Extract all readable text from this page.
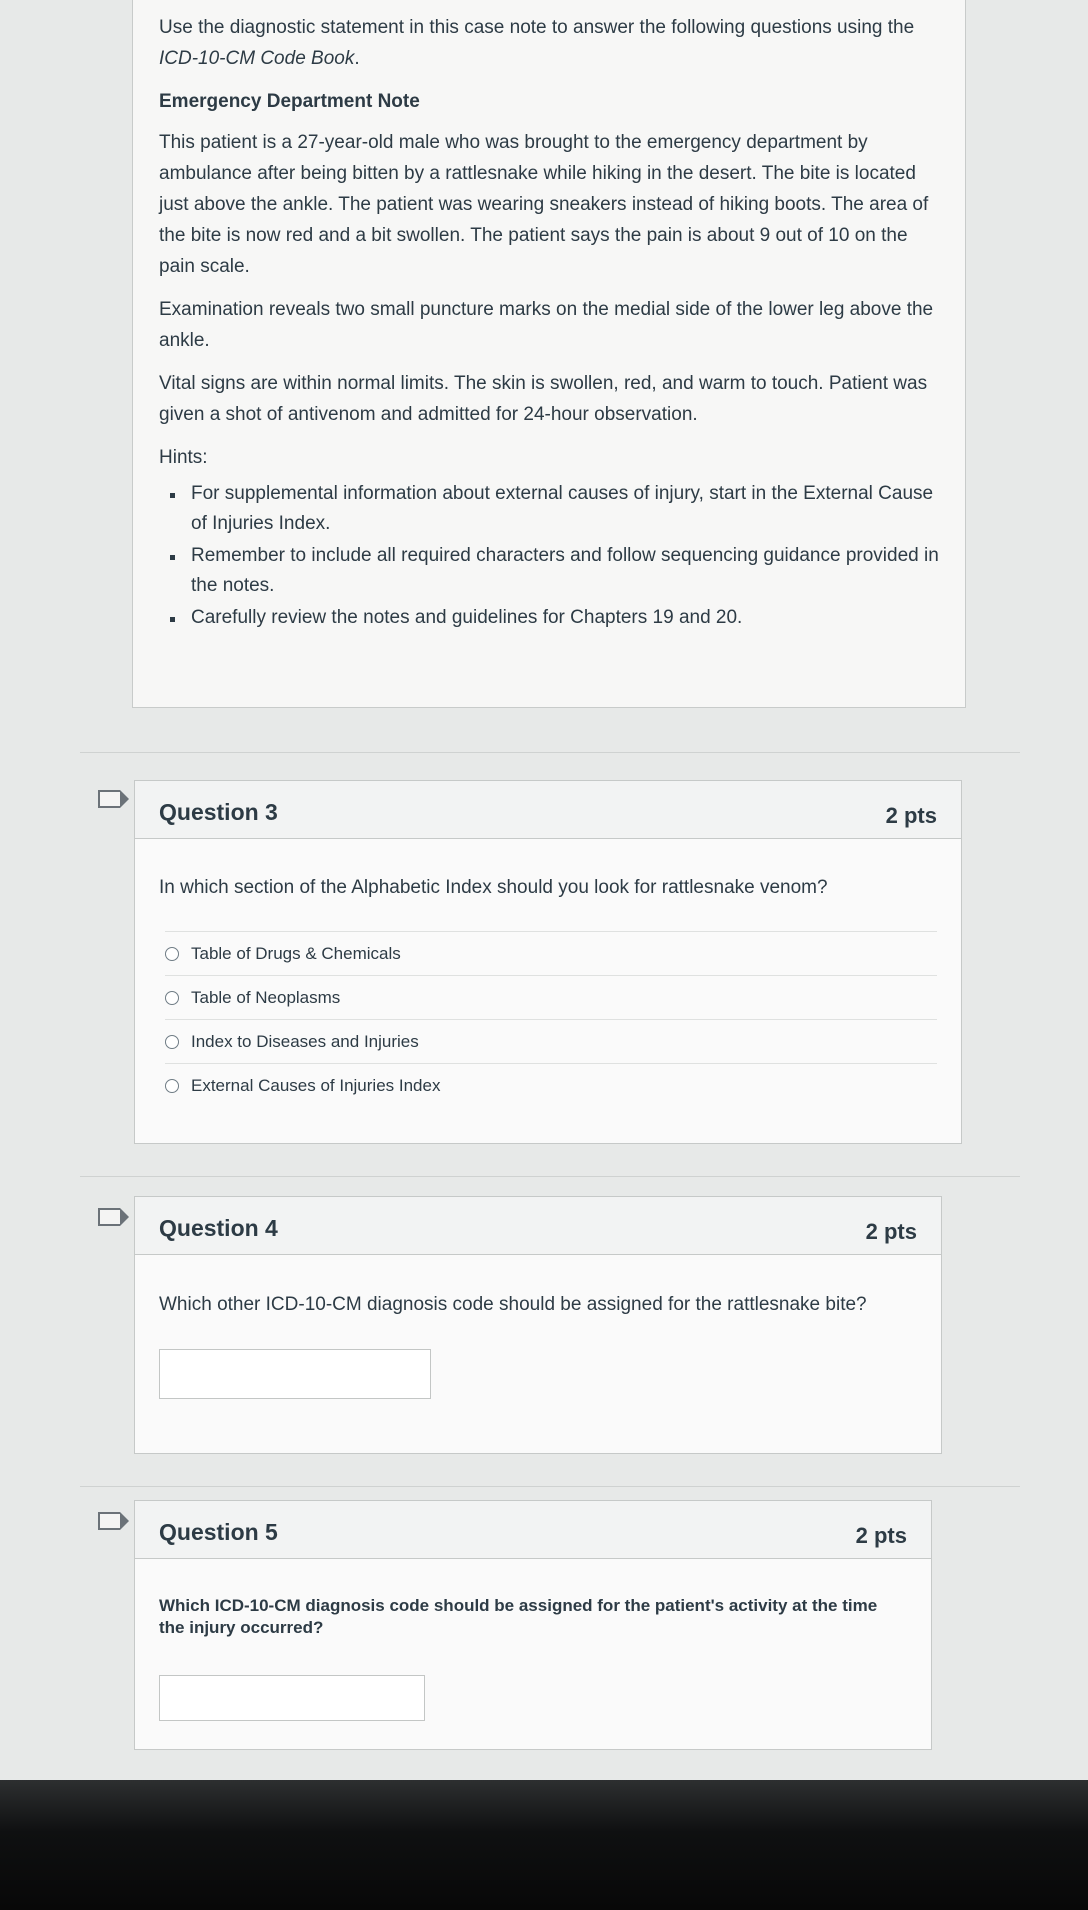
Use the diagnostic statement in this case note to answer the following questions using the ICD-10-CM Code Book.

Emergency Department Note

This patient is a 27-year-old male who was brought to the emergency department by ambulance after being bitten by a rattlesnake while hiking in the desert. The bite is located just above the ankle. The patient was wearing sneakers instead of hiking boots. The area of the bite is now red and a bit swollen. The patient says the pain is about 9 out of 10 on the pain scale.

Examination reveals two small puncture marks on the medial side of the lower leg above the ankle.

Vital signs are within normal limits. The skin is swollen, red, and warm to touch. Patient was given a shot of antivenom and admitted for 24-hour observation.

Hints:

For supplemental information about external causes of injury, start in the External Cause of Injuries Index.
Remember to include all required characters and follow sequencing guidance provided in the notes.
Carefully review the notes and guidelines for Chapters 19 and 20.
Question 3	2 pts
In which section of the Alphabetic Index should you look for rattlesnake venom?
Table of Drugs & Chemicals
Table of Neoplasms
Index to Diseases and Injuries
External Causes of Injuries Index
Question 4	2 pts
Which other ICD-10-CM diagnosis code should be assigned for the rattlesnake bite?
Question 5	2 pts
Which ICD-10-CM diagnosis code should be assigned for the patient's activity at the time the injury occurred?
